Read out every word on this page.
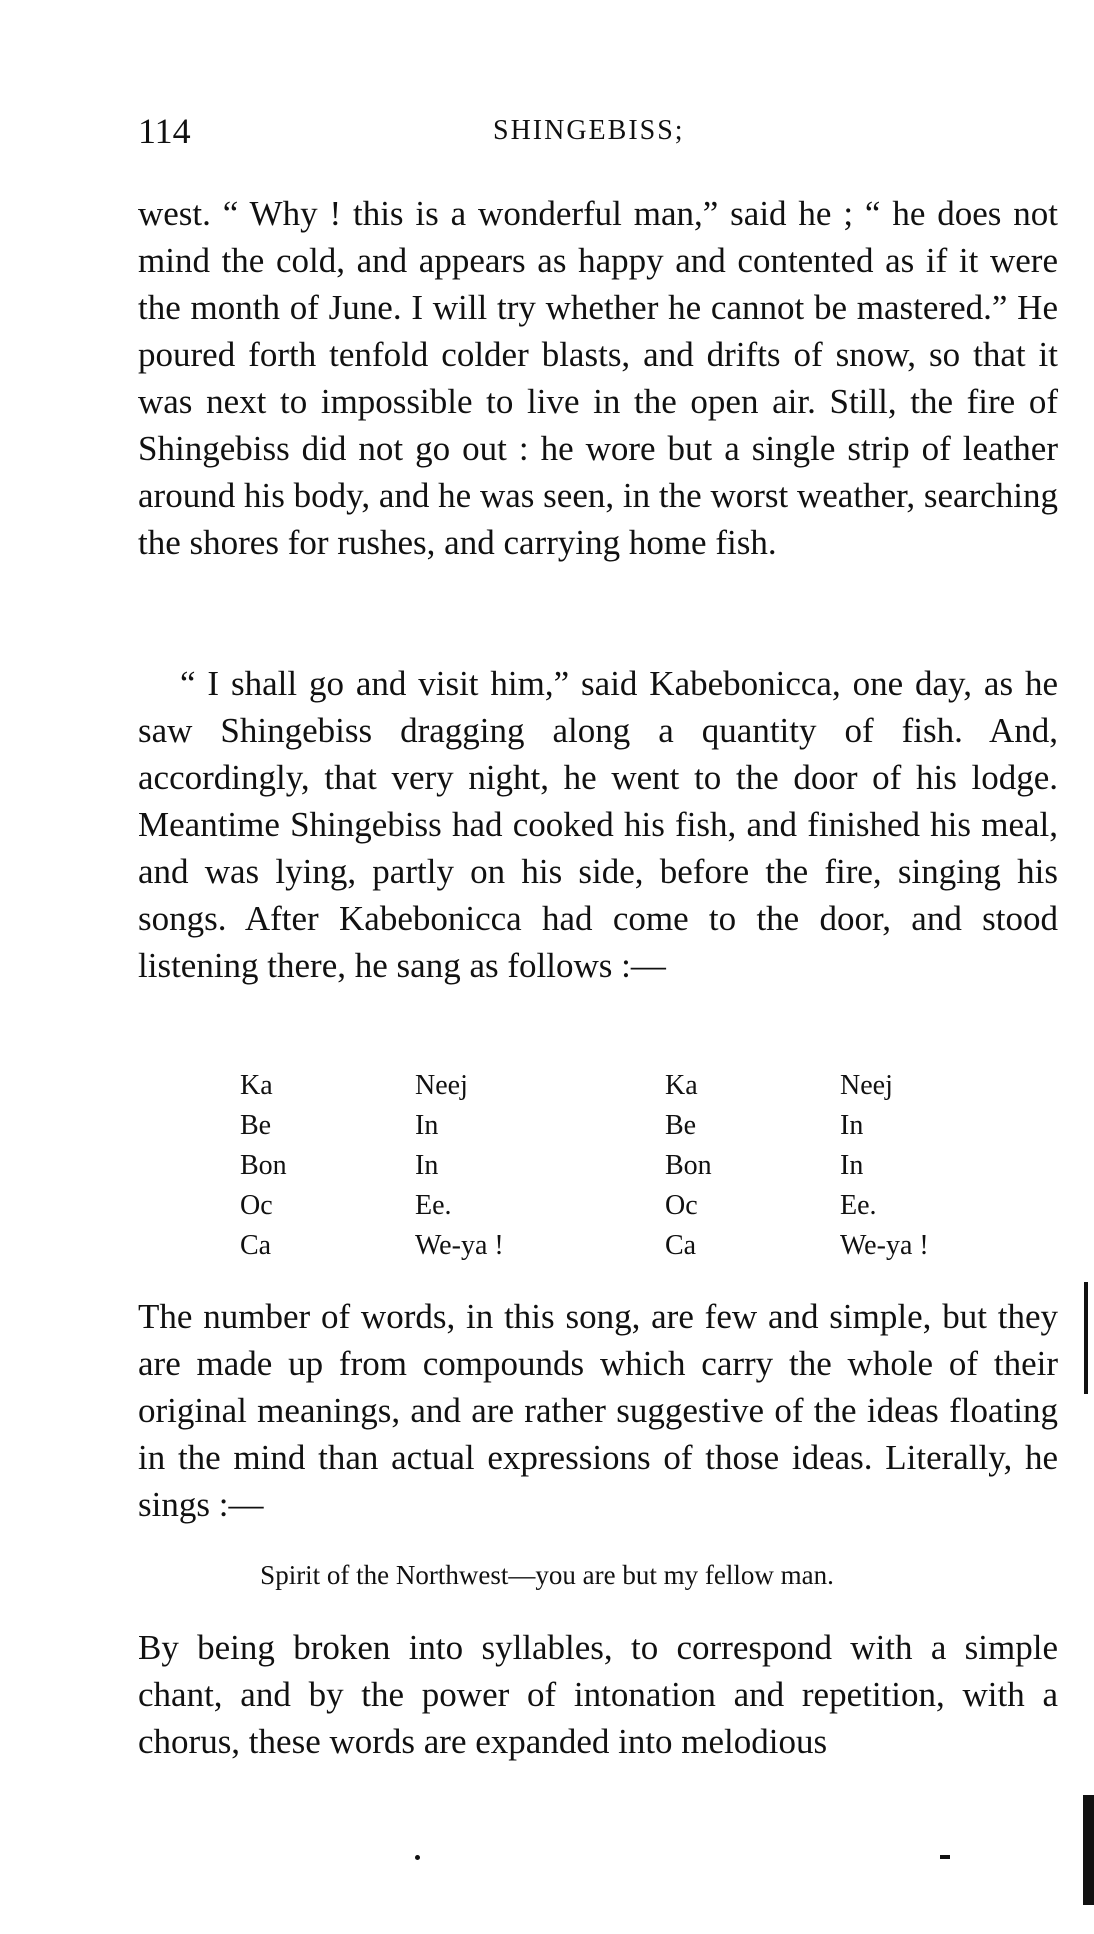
114	SHINGEBISS;

west. “ Why ! this is a wonderful man,” said he ; “ he does not mind the cold, and appears as happy and contented as if it were the month of June. I will try whether he cannot be mastered.” He poured forth tenfold colder blasts, and drifts of snow, so that it was next to impossible to live in the open air. Still, the fire of Shingebiss did not go out : he wore but a single strip of leather around his body, and he was seen, in the worst weather, searching the shores for rushes, and carrying home fish.

“ I shall go and visit him,” said Kabebonicca, one day, as he saw Shingebiss dragging along a quantity of fish. And, accordingly, that very night, he went to the door of his lodge. Meantime Shingebiss had cooked his fish, and finished his meal, and was lying, partly on his side, before the fire, singing his songs. After Kabebonicca had come to the door, and stood listening there, he sang as follows :—

Ka	Neej	Ka	Neej
Be	In	Be	In
Bon	In	Bon	In
Oc	Ee.	Oc	Ee.
Ca	We-ya !	Ca	We-ya !

The number of words, in this song, are few and simple, but they are made up from compounds which carry the whole of their original meanings, and are rather suggestive of the ideas floating in the mind than actual expressions of those ideas. Literally, he sings :—

Spirit of the Northwest—you are but my fellow man.

By being broken into syllables, to correspond with a simple chant, and by the power of intonation and repetition, with a chorus, these words are expanded into melodious
